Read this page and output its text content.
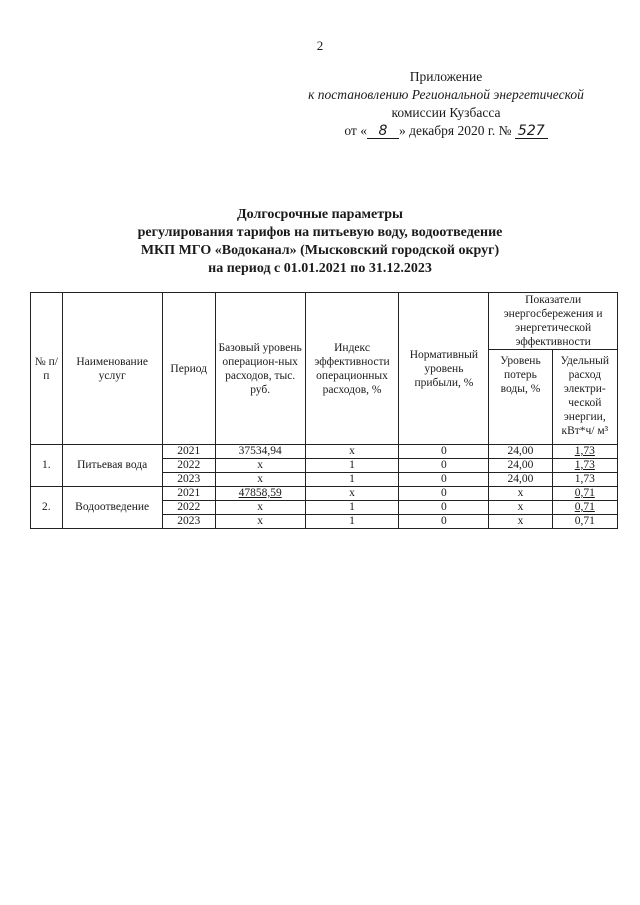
2
Приложение
к постановлению Региональной энергетической
комиссии Кузбасса
от « 8 » декабря 2020 г. № 527
Долгосрочные параметры
регулирования тарифов на питьевую воду, водоотведение
МКП МГО «Водоканал» (Мысковский городской округ)
на период с 01.01.2021 по 31.12.2023
№ п/п	Наименование услуг	Период	Базовый уровень операцион-ных расходов, тыс. руб.	Индекс эффективности операционных расходов, %	Нормативный уровень прибыли, %	Показатели энергосбережения и энергетической эффективности	
						Уровень потерь воды, %	Удельный расход электри-ческой энергии, кВт*ч/ м³
1.	Питьевая вода	2021	37534,94	х	0	24,00	1,73
		2022	х	1	0	24,00	1,73
		2023	х	1	0	24,00	1,73
2.	Водоотведение	2021	47858,59	х	0	х	0,71
		2022	х	1	0	х	0,71
		2023	х	1	0	х	0,71
